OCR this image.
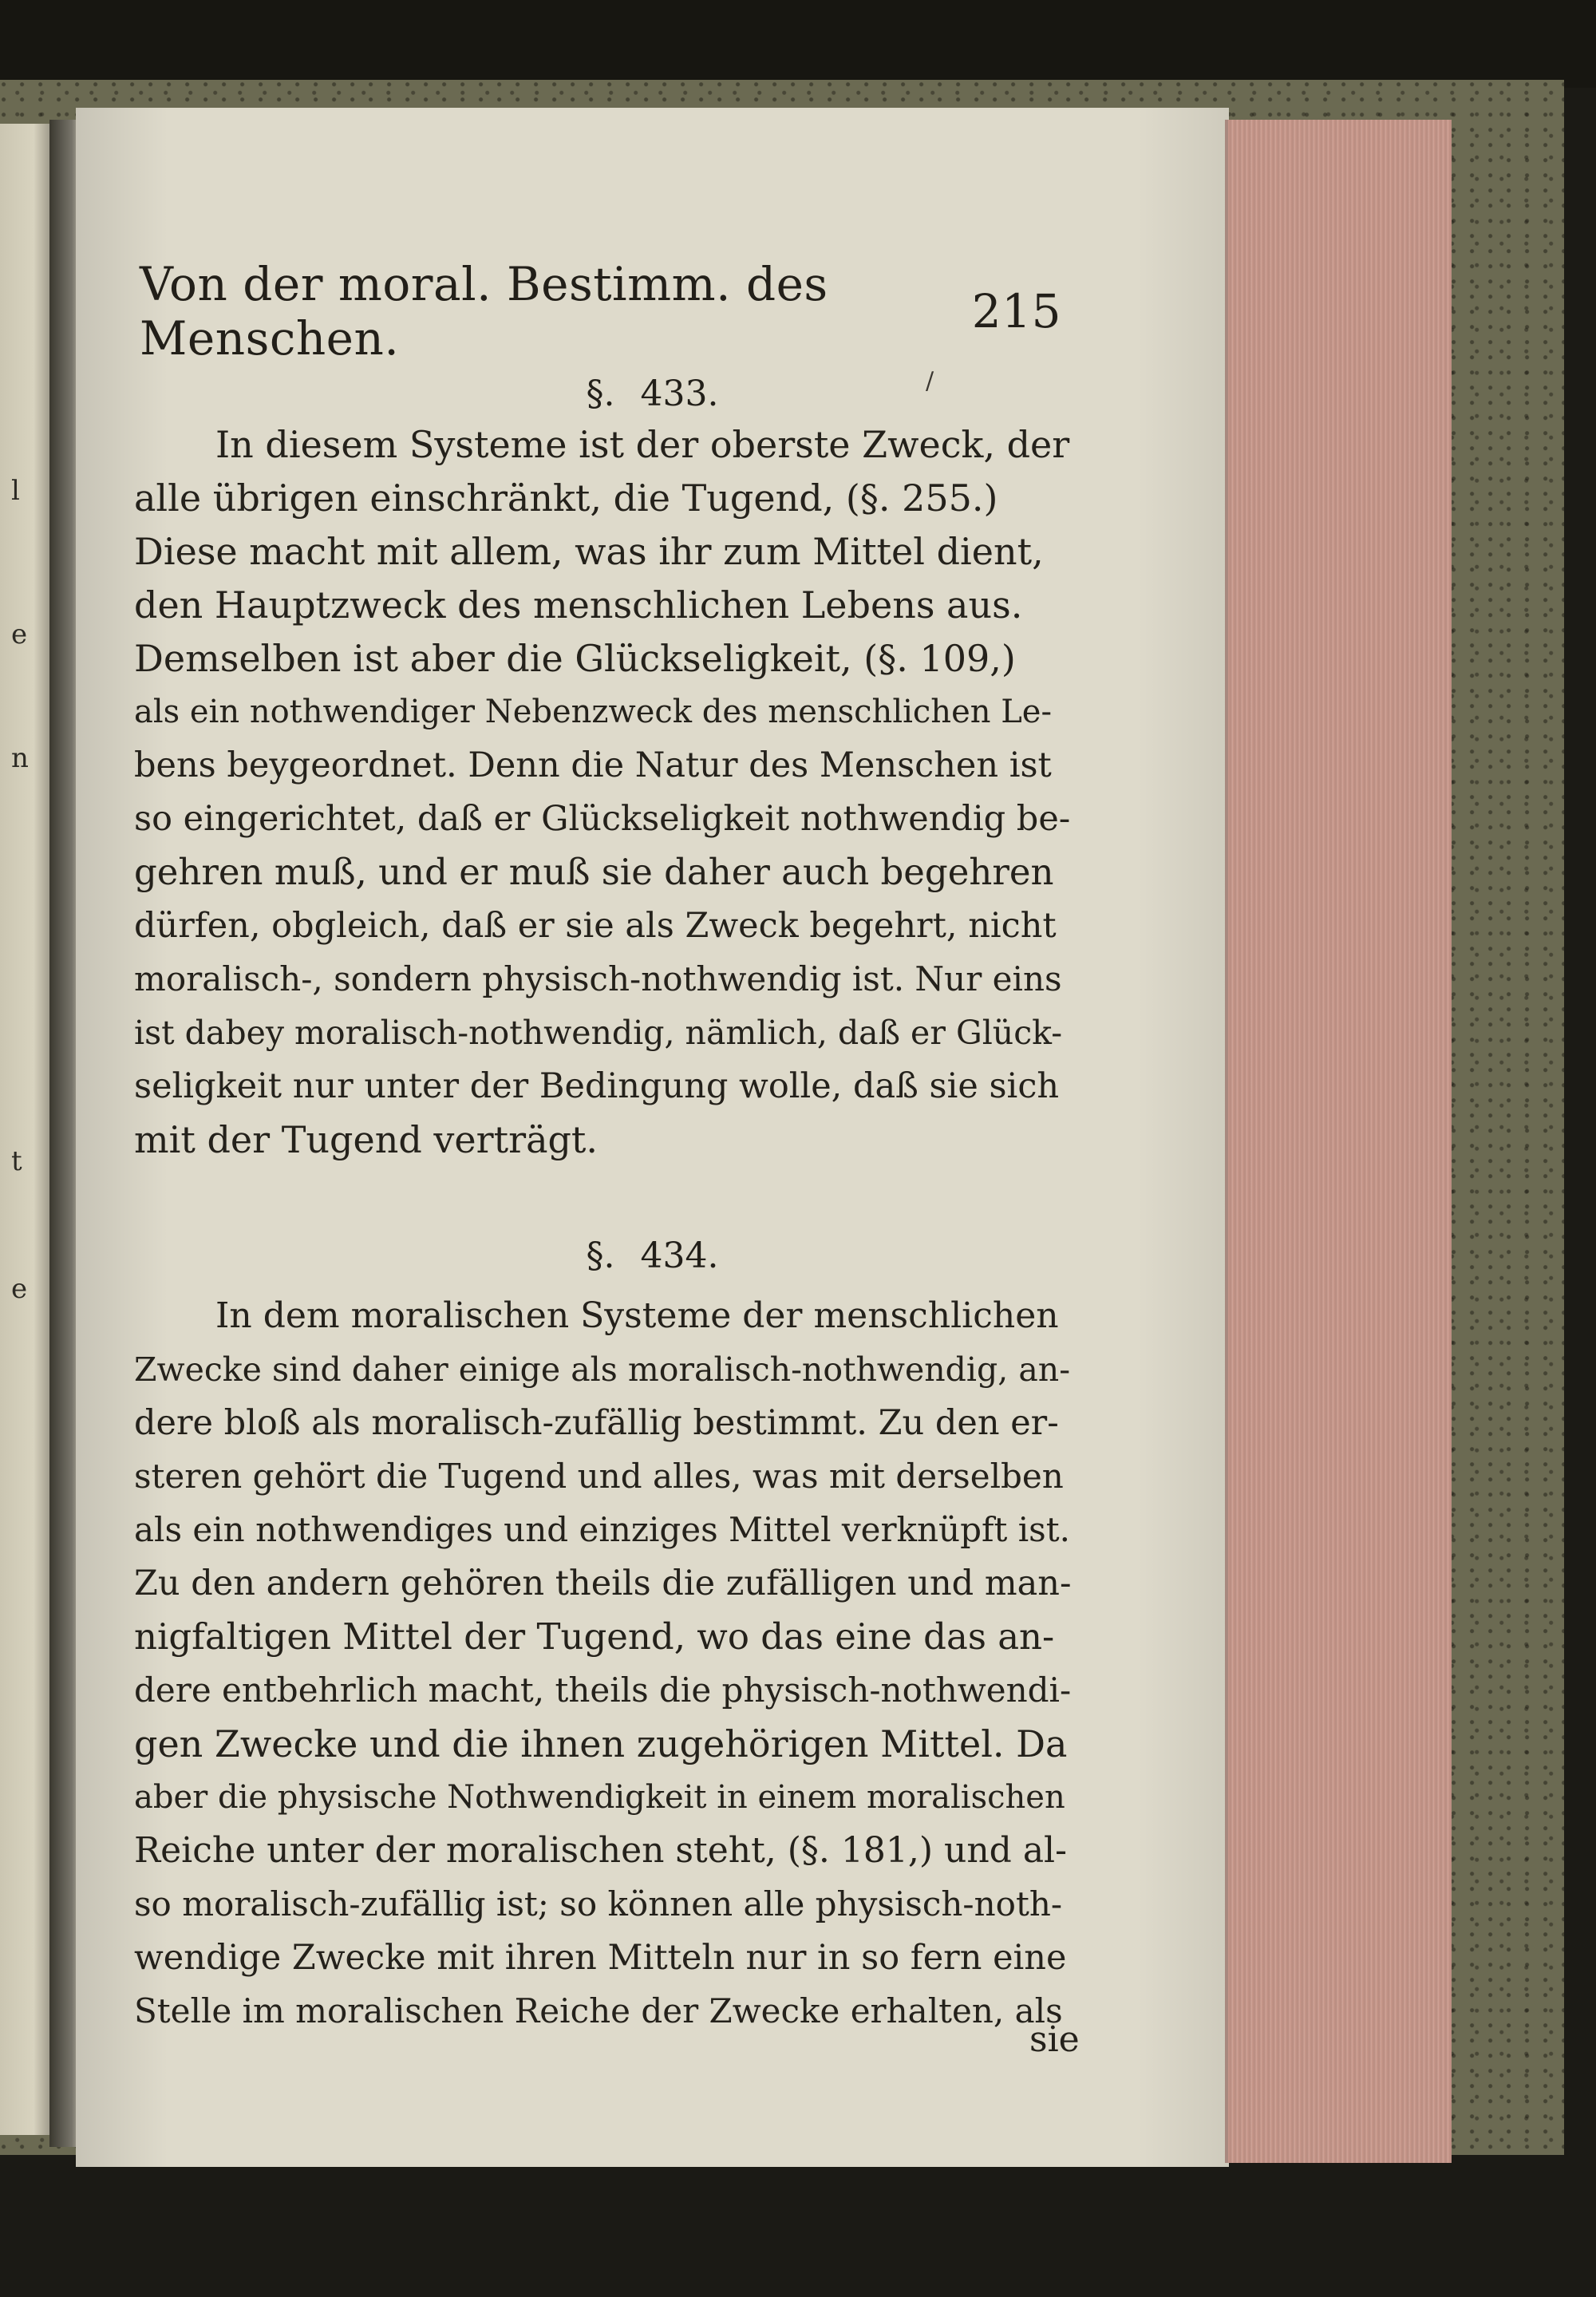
l
e
n
t
e
Von der moral. Bestimm. des Menschen.	215
/
§. 433.
In diesem Systeme ist der oberste Zweck, der
alle übrigen einschränkt, die Tugend, (§. 255.)
Diese macht mit allem, was ihr zum Mittel dient,
den Hauptzweck des menschlichen Lebens aus.
Demselben ist aber die Glückseligkeit, (§. 109,)
als ein nothwendiger Nebenzweck des menschlichen Le-
bens beygeordnet. Denn die Natur des Menschen ist
so eingerichtet, daß er Glückseligkeit nothwendig be-
gehren muß, und er muß sie daher auch begehren
dürfen, obgleich, daß er sie als Zweck begehrt, nicht
moralisch-, sondern physisch-nothwendig ist. Nur eins
ist dabey moralisch-nothwendig, nämlich, daß er Glück-
seligkeit nur unter der Bedingung wolle, daß sie sich
mit der Tugend verträgt.
§. 434.
In dem moralischen Systeme der menschlichen
Zwecke sind daher einige als moralisch-nothwendig, an-
dere bloß als moralisch-zufällig bestimmt. Zu den er-
steren gehört die Tugend und alles, was mit derselben
als ein nothwendiges und einziges Mittel verknüpft ist.
Zu den andern gehören theils die zufälligen und man-
nigfaltigen Mittel der Tugend, wo das eine das an-
dere entbehrlich macht, theils die physisch-nothwendi-
gen Zwecke und die ihnen zugehörigen Mittel. Da
aber die physische Nothwendigkeit in einem moralischen
Reiche unter der moralischen steht, (§. 181,) und al-
so moralisch-zufällig ist; so können alle physisch-noth-
wendige Zwecke mit ihren Mitteln nur in so fern eine
Stelle im moralischen Reiche der Zwecke erhalten, als
sie
